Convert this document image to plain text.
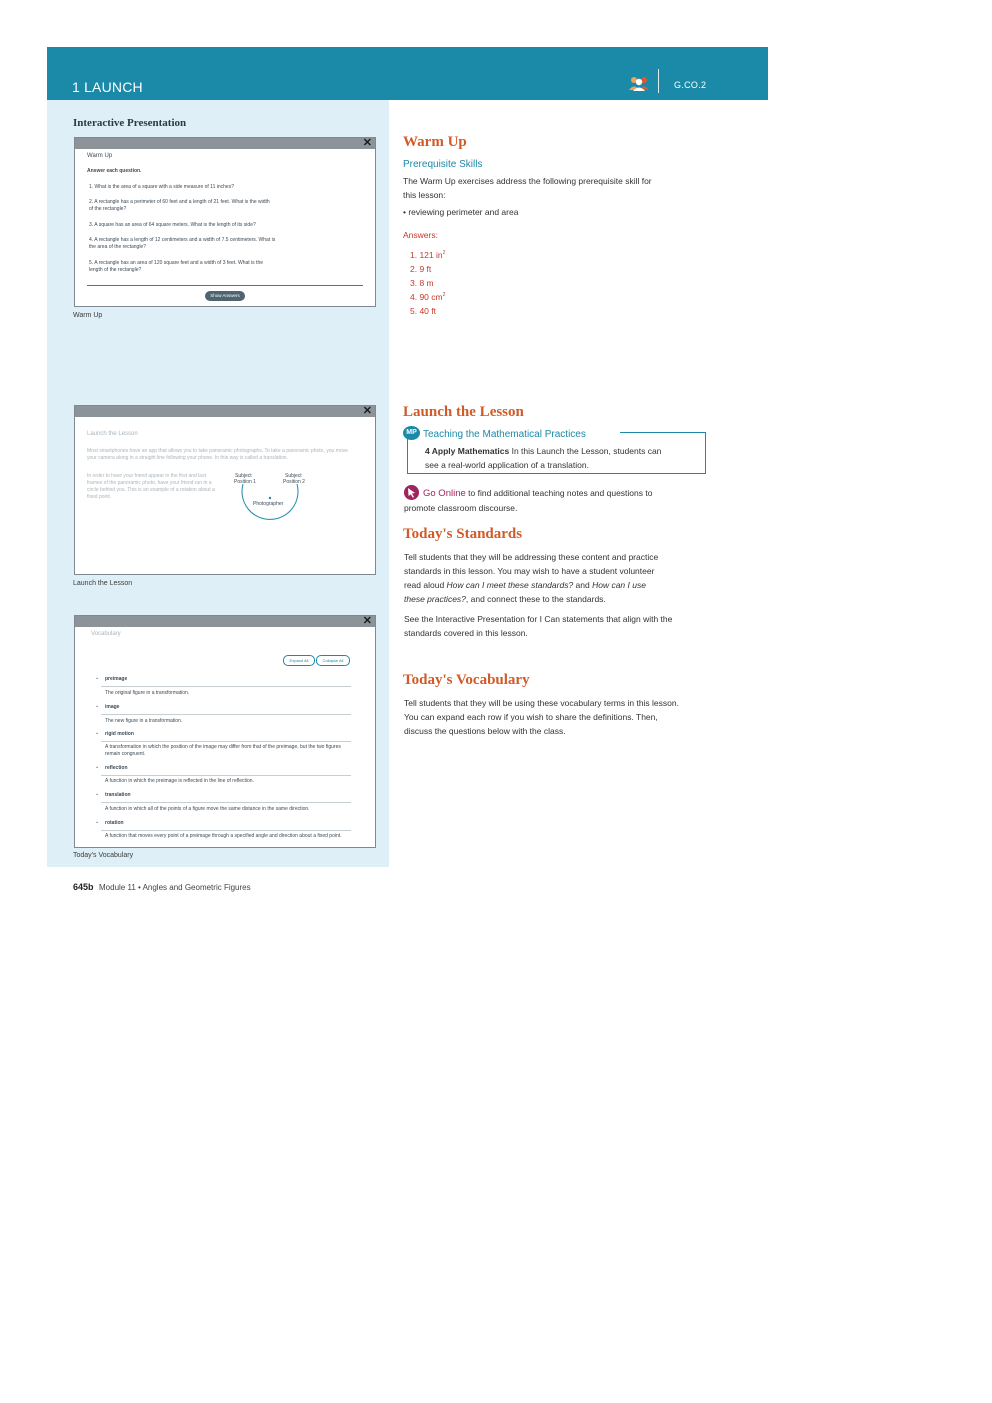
1 LAUNCH	G.CO.2
Interactive Presentation
✕
Warm Up
Answer each question.
1. What is the area of a square with a side measure of 11 inches?
2. A rectangle has a perimeter of 60 feet and a length of 21 feet. What is the width
of the rectangle?
3. A square has an area of 64 square meters. What is the length of its side?
4. A rectangle has a length of 12 centimeters and a width of 7.5 centimeters. What is
the area of the rectangle?
5. A rectangle has an area of 120 square feet and a width of 3 feet. What is the
length of the rectangle?
Show Answers
Warm Up
✕
Launch the Lesson
Most smartphones have an app that allows you to take panoramic photographs. To take a panoramic photo, you move
your camera along in a straight line following your phone. In this way is called a translation.
In order to have your friend appear in the first and last
frames of the panoramic photo, have your friend run in a
circle behind you. This is an example of a rotation about a
fixed point.
Subject
Position 1
Subject
Position 2
Photographer
Launch the Lesson
✕
Vocabulary
Expand All	Collapse All
⌄ preimage
The original figure in a transformation.
⌄ image
The new figure in a transformation.
⌄ rigid motion
A transformation in which the position of the image may differ from that of the preimage, but the two figures remain congruent.
⌄ reflection
A function in which the preimage is reflected in the line of reflection.
⌄ translation
A function in which all of the points of a figure move the same distance in the same direction.
⌄ rotation
A function that moves every point of a preimage through a specified angle and direction about a fixed point.
Today's Vocabulary
Warm Up
Prerequisite Skills
The Warm Up exercises address the following prerequisite skill for
this lesson:
• reviewing perimeter and area
Answers:
1. 121 $in^2$
2. 9 ft
3. 8 m
4. 90 $cm^2$
5. 40 ft
Launch the Lesson
MP Teaching the Mathematical Practices
4 Apply Mathematics In this Launch the Lesson, students can
see a real-world application of a translation.
Go Online to find additional teaching notes and questions to
promote classroom discourse.
Today's Standards
Tell students that they will be addressing these content and practice
standards in this lesson. You may wish to have a student volunteer
read aloud How can I meet these standards? and How can I use
these practices?, and connect these to the standards.
See the Interactive Presentation for I Can statements that align with the
standards covered in this lesson.
Today's Vocabulary
Tell students that they will be using these vocabulary terms in this lesson.
You can expand each row if you wish to share the definitions. Then,
discuss the questions below with the class.
645b Module 11 • Angles and Geometric Figures
